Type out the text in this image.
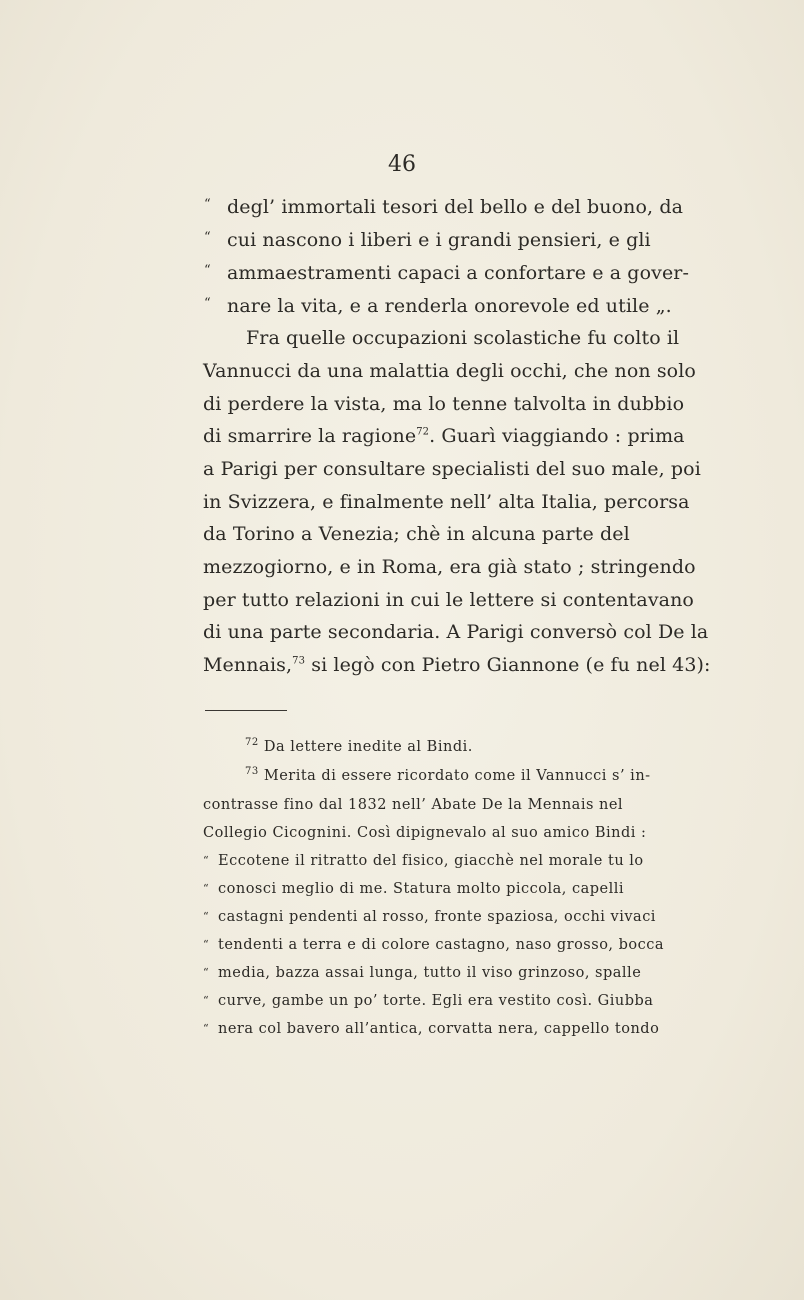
46
“ degl’ immortali tesori del bello e del buono, da
“ cui nascono i liberi e i grandi pensieri, e gli
“ ammaestramenti capaci a confortare e a gover-
“ nare la vita, e a renderla onorevole ed utile „.
Fra quelle occupazioni scolastiche fu colto il
Vannucci da una malattia degli occhi, che non solo
di perdere la vista, ma lo tenne talvolta in dubbio
di smarrire la ragione$^{72}$. Guarì viaggiando : prima
a Parigi per consultare specialisti del suo male, poi
in Svizzera, e finalmente nell’ alta Italia, percorsa
da Torino a Venezia; chè in alcuna parte del
mezzogiorno, e in Roma, era già stato ; stringendo
per tutto relazioni in cui le lettere si contentavano
di una parte secondaria. A Parigi conversò col De la
Mennais,$^{73}$ si legò con Pietro Giannone (e fu nel 43):
$^{72}$ Da lettere inedite al Bindi.
$^{73}$ Merita di essere ricordato come il Vannucci s’ in-
contrasse fino dal 1832 nell’ Abate De la Mennais nel
Collegio Cicognini. Così dipignevalo al suo amico Bindi :
“ Eccotene il ritratto del fisico, giacchè nel morale tu lo
“ conosci meglio di me. Statura molto piccola, capelli
“ castagni pendenti al rosso, fronte spaziosa, occhi vivaci
“ tendenti a terra e di colore castagno, naso grosso, bocca
“ media, bazza assai lunga, tutto il viso grinzoso, spalle
“ curve, gambe un po’ torte. Egli era vestito così. Giubba
“ nera col bavero all’antica, corvatta nera, cappello tondo
